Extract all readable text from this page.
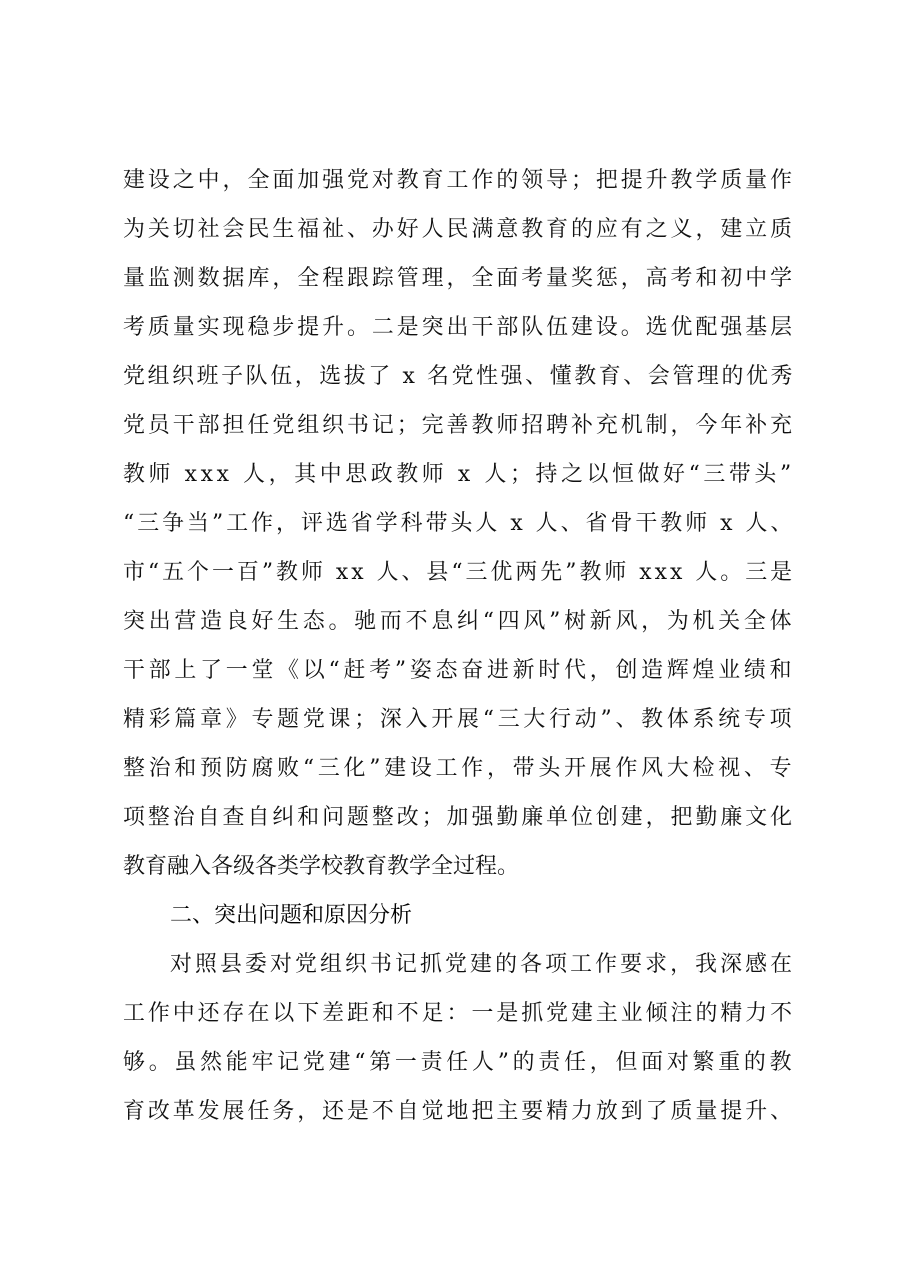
建设之中，全面加强党对教育工作的领导；把提升教学质量作
为关切社会民生福祉、办好人民满意教育的应有之义，建立质
量监测数据库，全程跟踪管理，全面考量奖惩，高考和初中学
考质量实现稳步提升。二是突出干部队伍建设。选优配强基层
党组织班子队伍，选拔了 x 名党性强、懂教育、会管理的优秀
党员干部担任党组织书记；完善教师招聘补充机制，今年补充
教师 xxx 人，其中思政教师 x 人；持之以恒做好“三带头”
“三争当”工作，评选省学科带头人 x 人、省骨干教师 x 人、
市“五个一百”教师 xx 人、县“三优两先”教师 xxx 人。三是
突出营造良好生态。驰而不息纠“四风”树新风，为机关全体
干部上了一堂《以“赶考”姿态奋进新时代，创造辉煌业绩和
精彩篇章》专题党课；深入开展“三大行动”、教体系统专项
整治和预防腐败“三化”建设工作，带头开展作风大检视、专
项整治自查自纠和问题整改；加强勤廉单位创建，把勤廉文化
教育融入各级各类学校教育教学全过程。
二、突出问题和原因分析
对照县委对党组织书记抓党建的各项工作要求，我深感在
工作中还存在以下差距和不足：一是抓党建主业倾注的精力不
够。虽然能牢记党建“第一责任人”的责任，但面对繁重的教
育改革发展任务，还是不自觉地把主要精力放到了质量提升、
